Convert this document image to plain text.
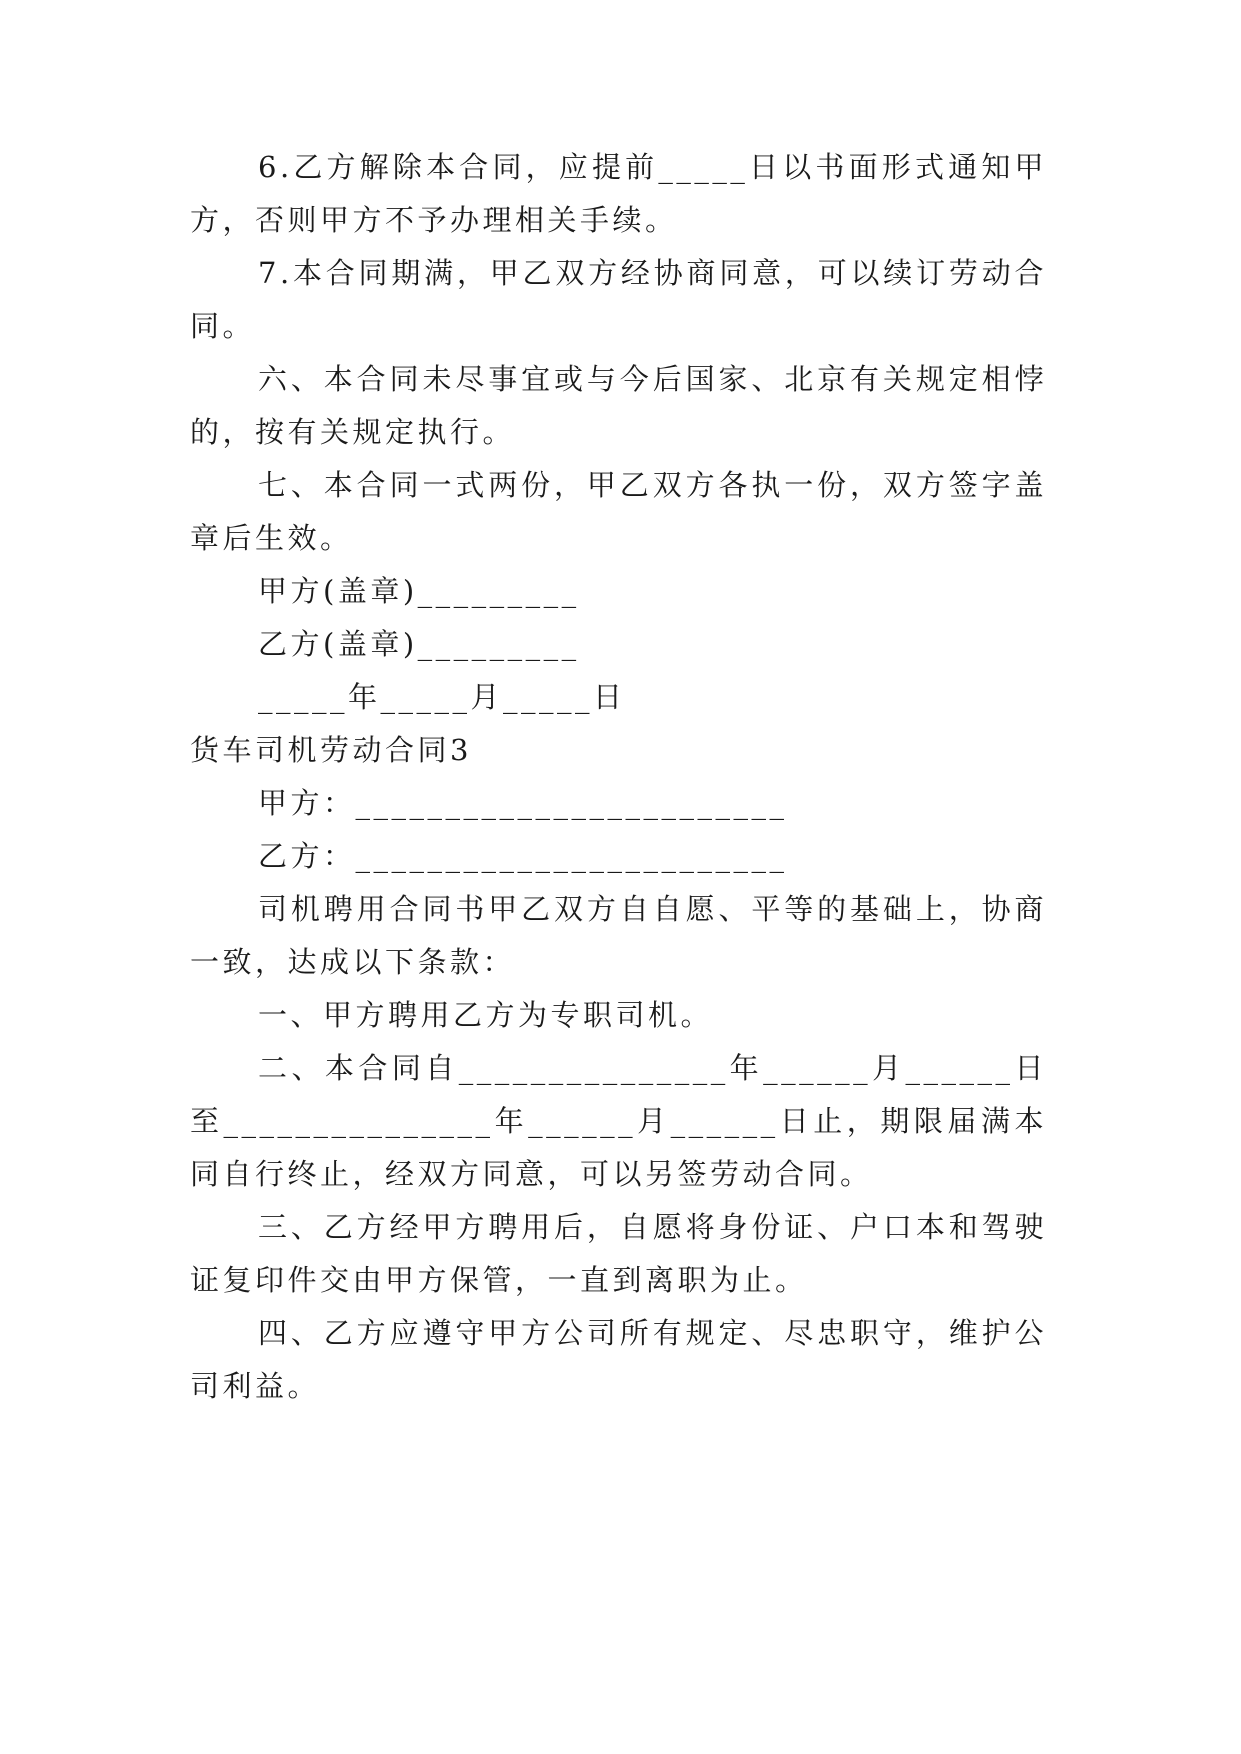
6.乙方解除本合同，应提前_____日以书面形式通知甲
方，否则甲方不予办理相关手续。
7.本合同期满，甲乙双方经协商同意，可以续订劳动合
同。
六、本合同未尽事宜或与今后国家、北京有关规定相悖
的，按有关规定执行。
七、本合同一式两份，甲乙双方各执一份，双方签字盖
章后生效。
甲方(盖章)_________
乙方(盖章)_________
_____年_____月_____日
货车司机劳动合同3
甲方：________________________
乙方：________________________
司机聘用合同书甲乙双方自自愿、平等的基础上，协商
一致，达成以下条款：
一、甲方聘用乙方为专职司机。
二、本合同自_______________年______月______日
至_______________年______月______日止，期限届满本
同自行终止，经双方同意，可以另签劳动合同。
三、乙方经甲方聘用后，自愿将身份证、户口本和驾驶
证复印件交由甲方保管，一直到离职为止。
四、乙方应遵守甲方公司所有规定、尽忠职守，维护公
司利益。
